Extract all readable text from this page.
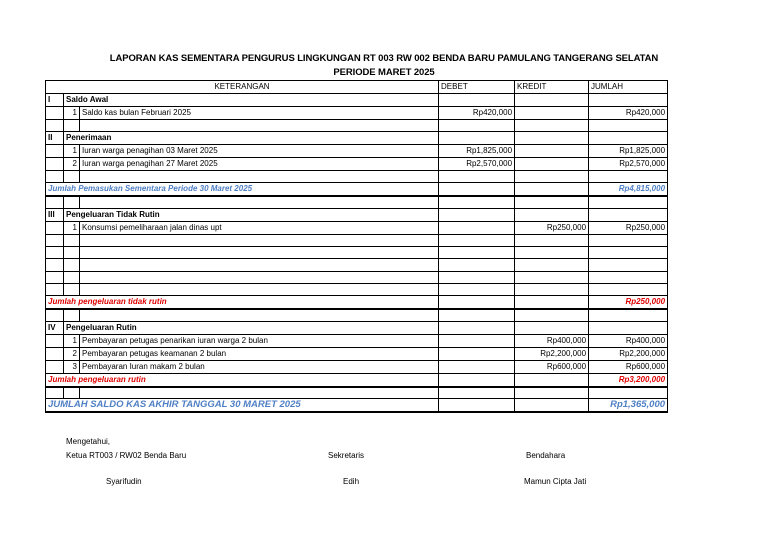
LAPORAN KAS SEMENTARA PENGURUS LINGKUNGAN RT 003 RW 002 BENDA BARU PAMULANG TANGERANG SELATAN
PERIODE MARET 2025
KETERANGAN			DEBET	KREDIT	JUMLAH
I	Saldo Awal				
	1	Saldo kas bulan Februari 2025	Rp420,000		Rp420,000

II	Penerimaan				
	1	Iuran warga penagihan 03 Maret 2025	Rp1,825,000		Rp1,825,000
	2	Iuran warga penagihan 27 Maret 2025	Rp2,570,000		Rp2,570,000

Jumlah Pemasukan Sementara Periode 30 Maret 2025					Rp4,815,000

III	Pengeluaran Tidak Rutin				
	1	Konsumsi pemeliharaan jalan dinas upt		Rp250,000	Rp250,000

Jumlah pengeluaran tidak rutin					Rp250,000

IV	Pengeluaran Rutin				
	1	Pembayaran petugas penarikan iuran warga 2 bulan		Rp400,000	Rp400,000
	2	Pembayaran petugas keamanan 2 bulan		Rp2,200,000	Rp2,200,000
	3	Pembayaran Iuran makam 2 bulan		Rp600,000	Rp600,000
Jumlah pengeluaran rutin					Rp3,200,000

JUMLAH SALDO KAS AKHIR TANGGAL 30 MARET 2025					Rp1,365,000
Mengetahui,
Ketua RT003 / RW02 Benda Baru
Syarifudin
Sekretaris
Edih
Bendahara
Mamun Cipta Jati
